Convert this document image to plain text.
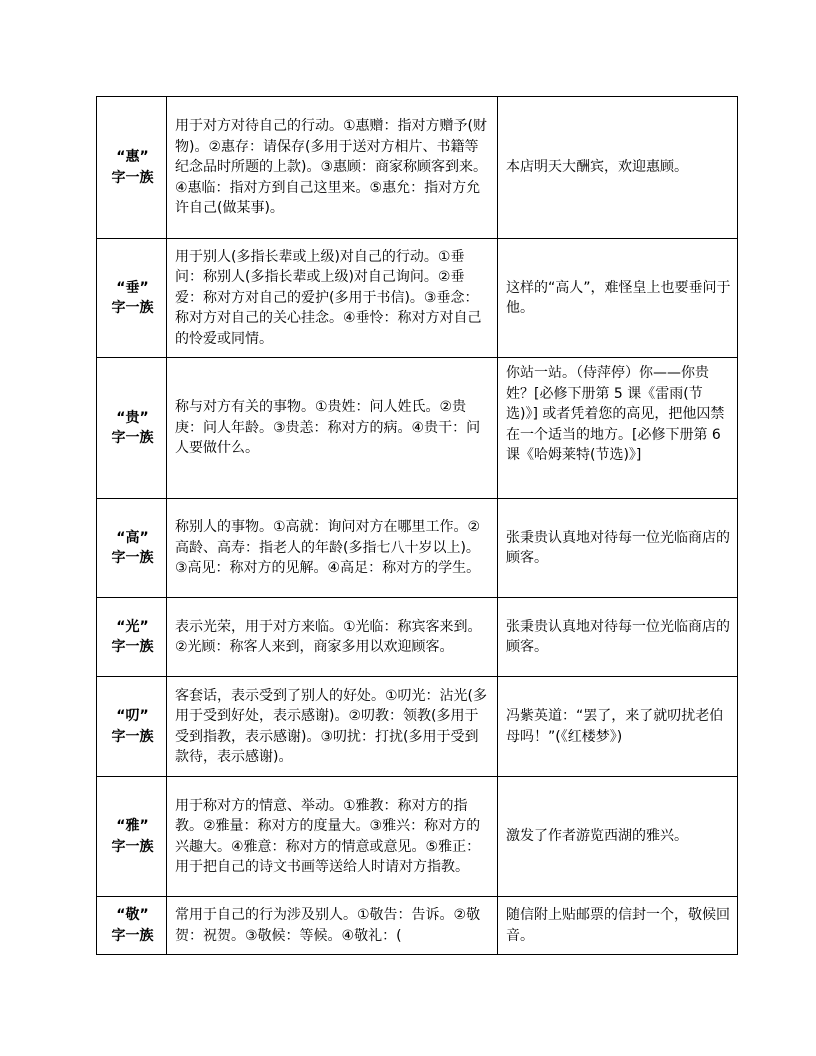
“惠”
字一族	用于对方对待自己的行动。①惠赠：指对方赠予(财物)。②惠存：请保存(多用于送对方相片、书籍等纪念品时所题的上款)。③惠顾：商家称顾客到来。④惠临：指对方到自己这里来。⑤惠允：指对方允许自己(做某事)。	本店明天大酬宾，欢迎惠顾。

“垂”
字一族	用于别人(多指长辈或上级)对自己的行动。①垂问：称别人(多指长辈或上级)对自己询问。②垂爱：称对方对自己的爱护(多用于书信)。③垂念：称对方对自己的关心挂念。④垂怜：称对方对自己的怜爱或同情。	这样的“高人”，难怪皇上也要垂问于他。

“贵”
字一族	称与对方有关的事物。①贵姓：问人姓氏。②贵庚：问人年龄。③贵恙：称对方的病。④贵干：问人要做什么。	你站一站。（侍萍停）你——你贵姓？[必修下册第 5 课《雷雨(节选)》] 或者凭着您的高见，把他囚禁在一个适当的地方。[必修下册第 6 课《哈姆莱特(节选)》]

“高”
字一族	称别人的事物。①高就：询问对方在哪里工作。②高龄、高寿：指老人的年龄(多指七八十岁以上)。③高见：称对方的见解。④高足：称对方的学生。	张秉贵认真地对待每一位光临商店的顾客。

“光”
字一族	表示光荣，用于对方来临。①光临：称宾客来到。②光顾：称客人来到，商家多用以欢迎顾客。	张秉贵认真地对待每一位光临商店的顾客。

“叨”
字一族	客套话，表示受到了别人的好处。①叨光：沾光(多用于受到好处，表示感谢)。②叨教：领教(多用于受到指教，表示感谢)。③叨扰：打扰(多用于受到款待，表示感谢)。	冯紫英道：“罢了，来了就叨扰老伯母吗！”(《红楼梦》)

“雅”
字一族	用于称对方的情意、举动。①雅教：称对方的指教。②雅量：称对方的度量大。③雅兴：称对方的兴趣大。④雅意：称对方的情意或意见。⑤雅正：用于把自己的诗文书画等送给人时请对方指教。	激发了作者游览西湖的雅兴。

“敬”
字一族	常用于自己的行为涉及别人。①敬告：告诉。②敬贺：祝贺。③敬候：等候。④敬礼：(	随信附上贴邮票的信封一个，敬候回音。
